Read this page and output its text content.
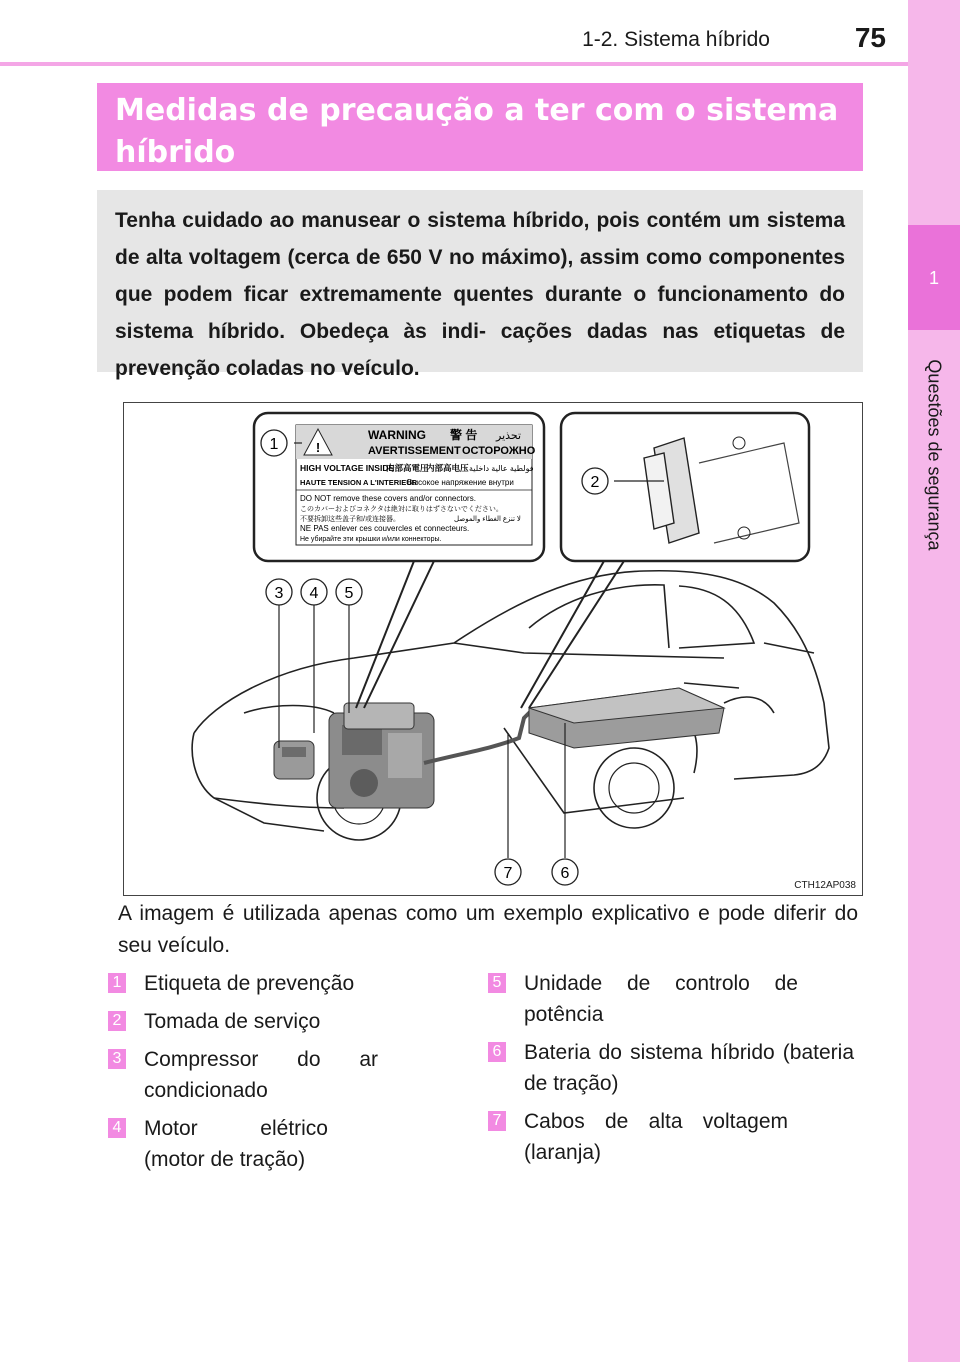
1-2. Sistema híbrido	75
1
Questões de segurança
Medidas de precaução a ter com o sistema híbrido

Tenha cuidado ao manusear o sistema híbrido, pois contém um sistema de alta voltagem (cerca de 650 V no máximo), assim como componentes que podem ficar extremamente quentes durante o funcionamento do sistema híbrido. Obedeça às indi- cações dadas nas etiquetas de prevenção coladas no veículo.

!
WARNING 警 告 تحذير
AVERTISSEMENT ОСТОРОЖНО
HIGH VOLTAGE INSIDE
内部高電圧
内部高电压 فولطية عالية داخلية
HAUTE TENSION A L'INTERIEUR
Высокое напряжение внутри
DO NOT remove these covers and/or connectors.
このカバーおよびコネクタは絶対に取りはずさないでください。
不要拆卸这些盖子和/或连接器。	لا تنزع الغطاء والموصل
NE PAS enlever ces couvercles et connecteurs.
Не убирайте эти крышки и/или коннекторы.
1
2
3 4 5
6
7
CTH12AP038
A imagem é utilizada apenas como um exemplo explicativo e pode diferir do seu veículo.
1 Etiqueta de prevenção
2 Tomada de serviço
3 Compressor do ar condicionado
4 Motor elétrico (motor de tração)
5 Unidade de controlo de potência
6 Bateria do sistema híbrido (bateria de tração)
7 Cabos de alta voltagem (laranja)
